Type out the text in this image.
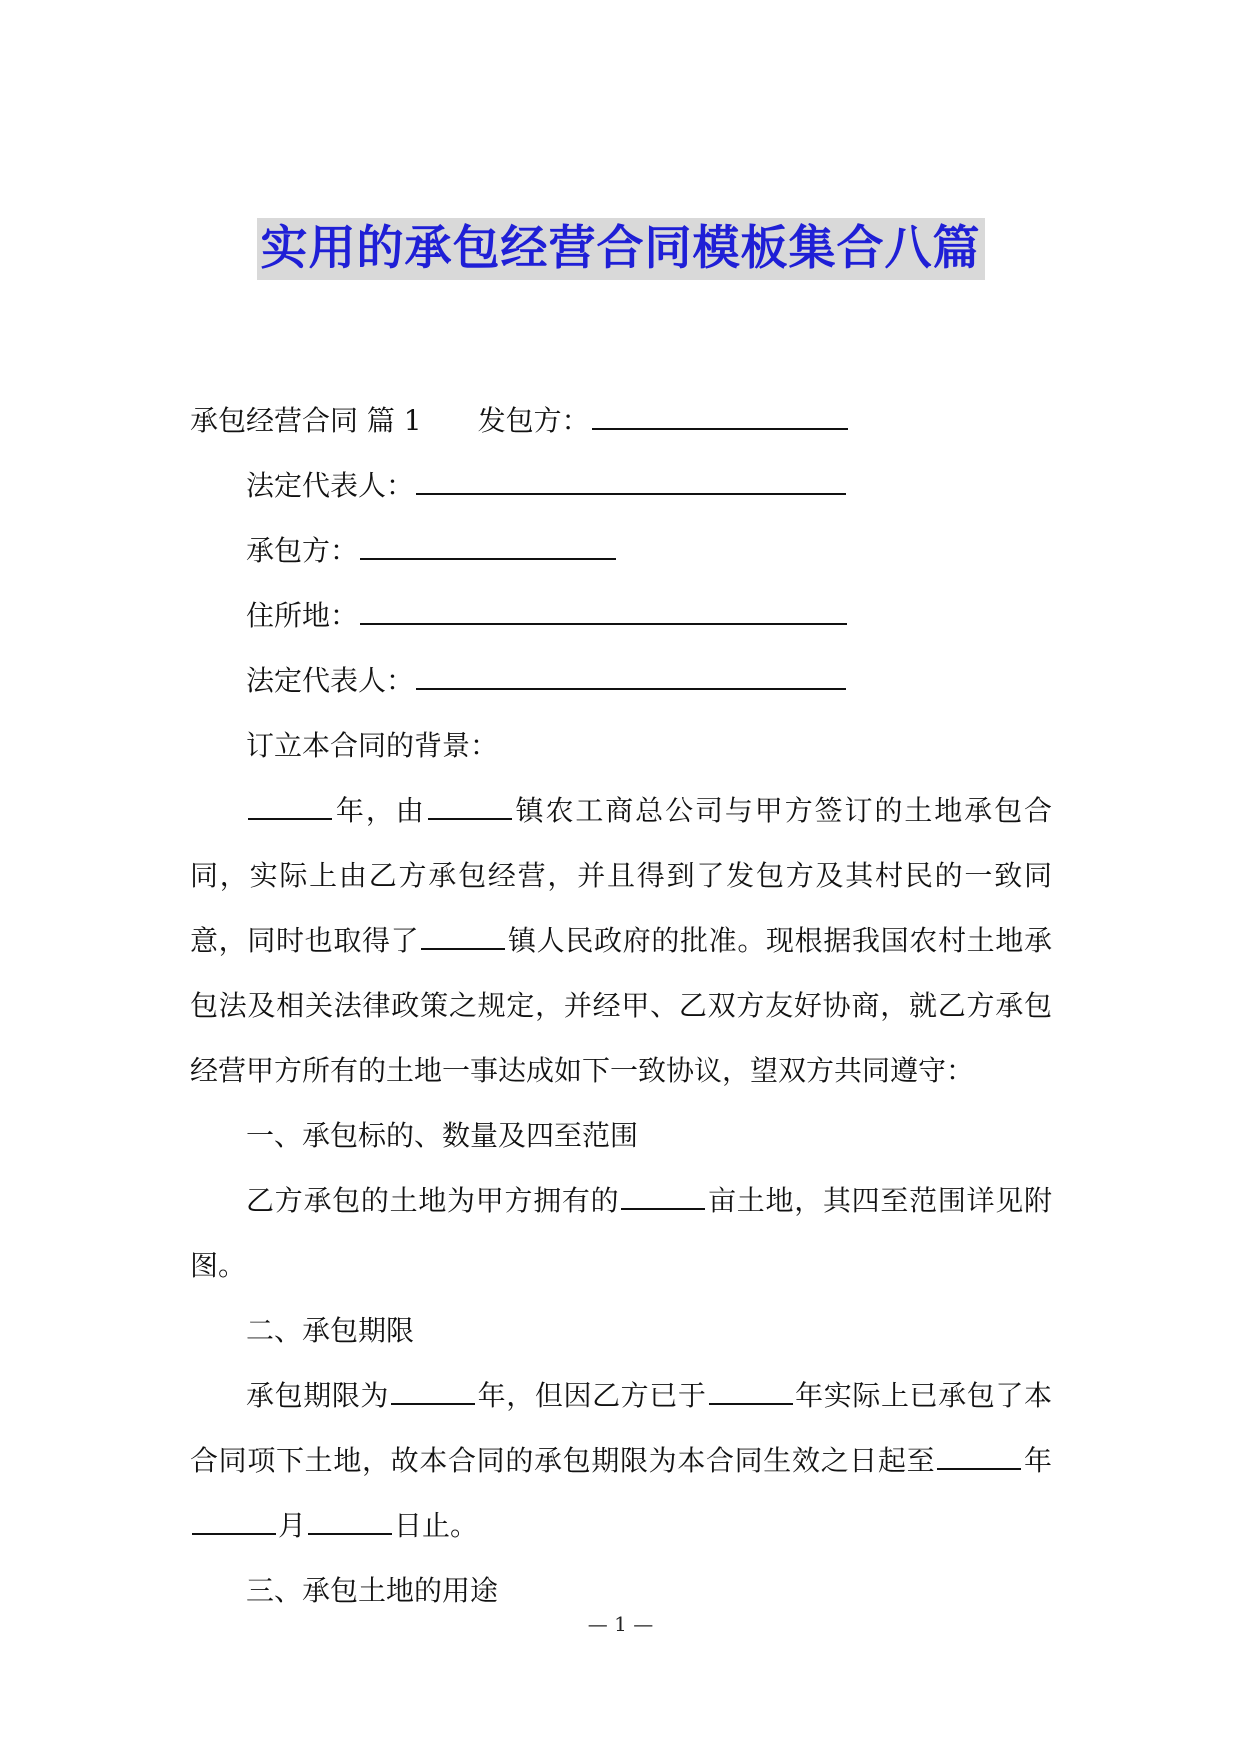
实用的承包经营合同模板集合八篇

承包经营合同 篇 1 发包方：

法定代表人：

承包方：

住所地：

法定代表人：

订立本合同的背景：

年，由	镇农工商总公司与甲方签订的土地承包合同，实际上由乙方承包经营，并且得到了发包方及其村民的一致同意，同时也取得了	镇人民政府的批准。现根据我国农村土地承包法及相关法律政策之规定，并经甲、乙双方友好协商，就乙方承包经营甲方所有的土地一事达成如下一致协议，望双方共同遵守：

一、承包标的、数量及四至范围

乙方承包的土地为甲方拥有的	亩土地，其四至范围详见附图。

二、承包期限

承包期限为	年，但因乙方已于	年实际上已承包了本合同项下土地，故本合同的承包期限为本合同生效之日起至	年月	日止。

三、承包土地的用途

— 1 —
